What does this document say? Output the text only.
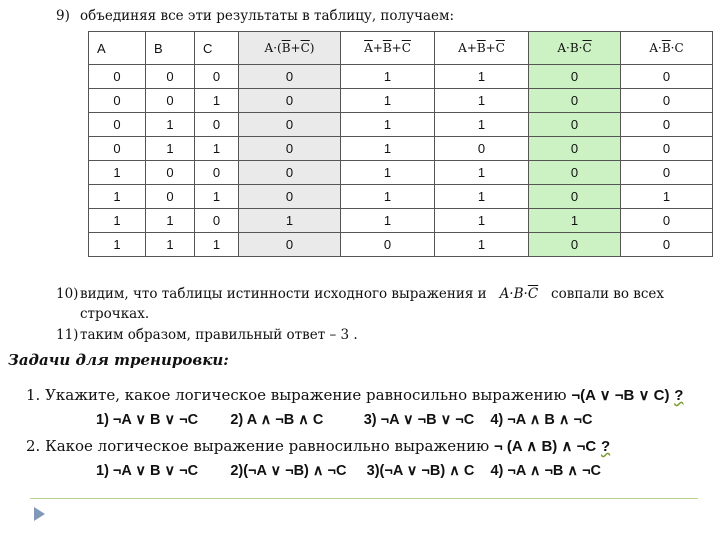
9) объединяя все эти результаты в таблицу, получаем:
A	B	C	$A\cdot(\overline{B}+\overline{C})$	$\overline{A}+\overline{B}+\overline{C}$	$A+\overline{B}+\overline{C}$	$A\cdot B\cdot\overline{C}$	$A\cdot\overline{B}\cdot C$
0	0	0	0	1	1	0	0
0	0	1	0	1	1	0	0
0	1	0	0	1	1	0	0
0	1	1	0	1	0	0	0
1	0	0	0	1	1	0	0
1	0	1	0	1	1	0	1
1	1	0	1	1	1	1	0
1	1	1	0	0	1	0	0
10) видим, что таблицы истинности исходного выражения и $A\cdot B\cdot\overline{C}$ совпали во всех
строчках.
11) таким образом, правильный ответ – 3 .
Задачи для тренировки:
1. Укажите, какое логическое выражение равносильно выражению ¬(A ∨ ¬B ∨ C) ?
1) ¬A ∨ B ∨ ¬C 2) A ∧ ¬B ∧ C	3) ¬A ∨ ¬B ∨ ¬C 4) ¬A ∧ B ∧ ¬C
2. Какое логическое выражение равносильно выражению ¬ (A ∧ B) ∧ ¬C ?
1) ¬A ∨ B ∨ ¬C 2)(¬A ∨ ¬B) ∧ ¬C 3)(¬A ∨ ¬B) ∧ C 4) ¬A ∧ ¬B ∧ ¬C
